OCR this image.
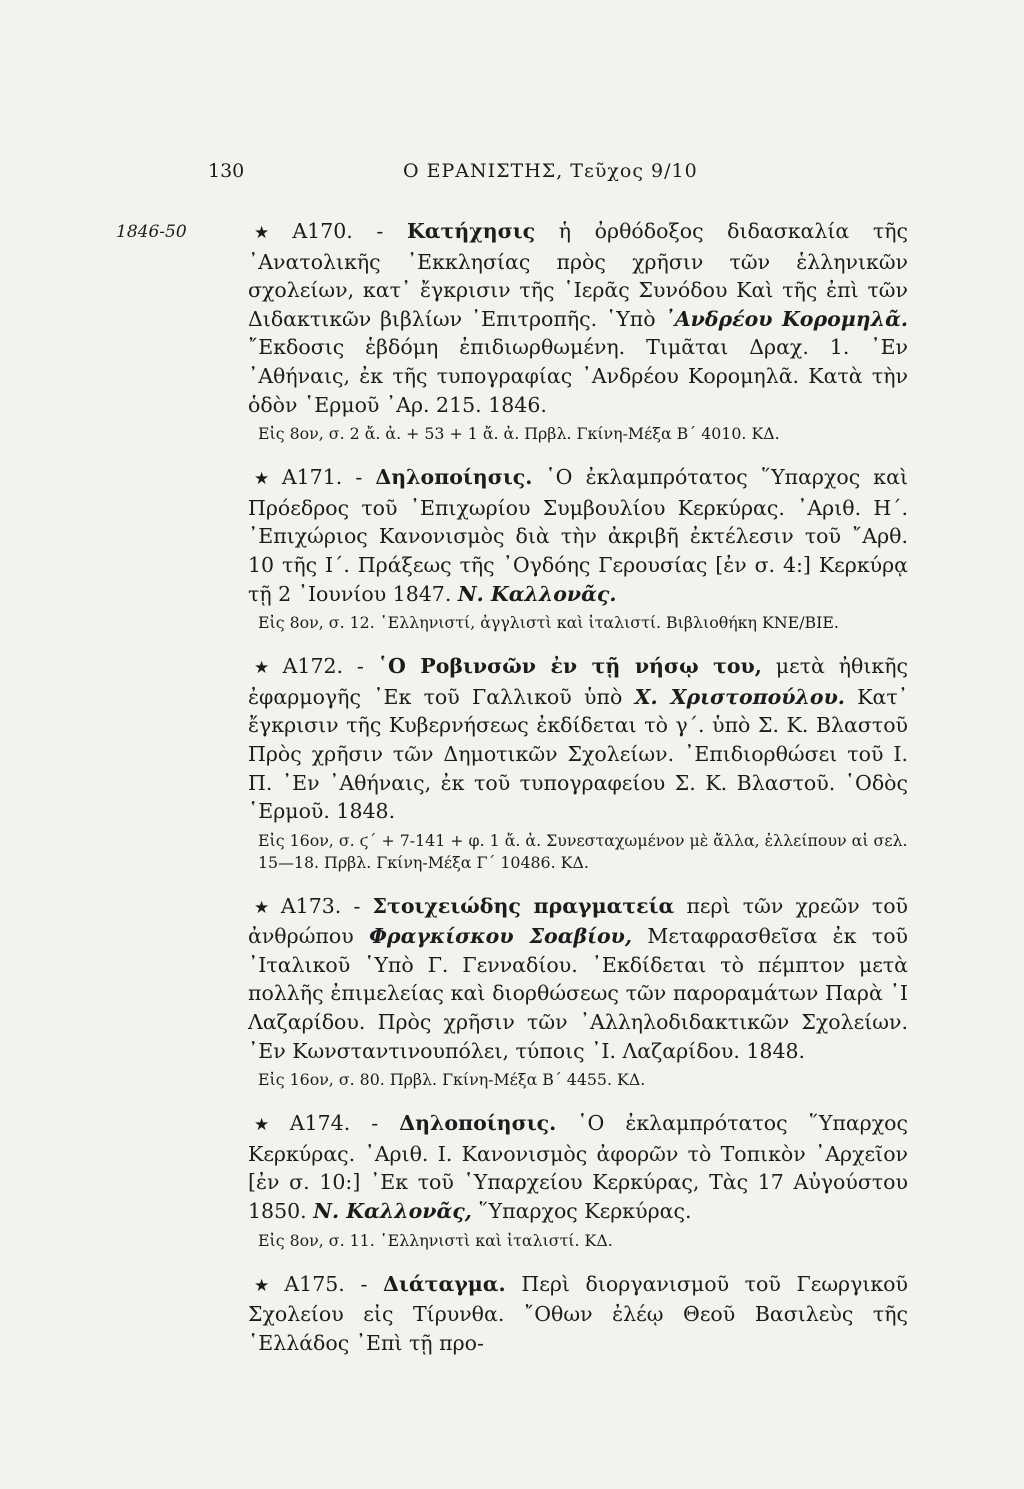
130	Ο ΕΡΑΝΙΣΤΗΣ, Τεῦχος 9/10
1846-50	★ Α170. - Κατήχησις ἡ ὀρθόδοξος διδασκαλία τῆς ᾿Ανατολικῆς ᾿Εκκλησίας πρὸς χρῆσιν τῶν ἑλληνικῶν σχολείων, κατ᾿ ἔγκρισιν τῆς ῾Ιερᾶς Συνόδου Καὶ τῆς ἐπὶ τῶν Διδακτικῶν βιβλίων ᾿Επιτροπῆς. ῾Υπὸ ᾿Ανδρέου Κορομηλᾶ. ῎Εκδοσις ἑβδόμη ἐπιδιωρθωμένη. Τιμᾶται Δραχ. 1. ᾿Εν ᾿Αθήναις, ἐκ τῆς τυπογραφίας ᾿Ανδρέου Κορομηλᾶ. Κατὰ τὴν ὁδὸν ῾Ερμοῦ ᾿Αρ. 215. 1846.

Εἰς 8ον, σ. 2 ἄ. ἀ. + 53 + 1 ἄ. ἀ. Πρβλ. Γκίνη-Μέξα Β΄ 4010. ΚΔ.

★ Α171. - Δηλοποίησις. ῾Ο ἐκλαμπρότατος ῞Υπαρχος καὶ Πρόεδρος τοῦ ᾿Επιχωρίου Συμβουλίου Κερκύρας. ᾿Αριθ. Η΄. ᾿Επιχώριος Κανονισμὸς διὰ τὴν ἀκριβῆ ἐκτέλεσιν τοῦ ῎Αρθ. 10 τῆς Ι΄. Πράξεως τῆς ᾿Ογδόης Γερουσίας [ἐν σ. 4:] Κερκύρᾳ τῇ 2 ᾿Ιουνίου 1847. Ν. Καλλονᾶς.

Εἰς 8ον, σ. 12. ῾Ελληνιστί, ἀγγλιστὶ καὶ ἰταλιστί. Βιβλιοθήκη ΚΝΕ/ΒΙΕ.

★ Α172. - ῾Ο Ροβινσῶν ἐν τῇ νήσῳ του, μετὰ ἠθικῆς ἐφαρμογῆς ᾿Εκ τοῦ Γαλλικοῦ ὑπὸ Χ. Χριστοπούλου. Κατ᾿ ἔγκρισιν τῆς Κυβερνήσεως ἐκδίδεται τὸ γ΄. ὑπὸ Σ. Κ. Βλαστοῦ Πρὸς χρῆσιν τῶν Δημοτικῶν Σχολείων. ᾿Επιδιορθώσει τοῦ Ι. Π. ᾿Εν ᾿Αθήναις, ἐκ τοῦ τυπογραφείου Σ. Κ. Βλαστοῦ. ῾Οδὸς ῾Ερμοῦ. 1848.

Εἰς 16ον, σ. ϛ΄ + 7-141 + φ. 1 ἄ. ἀ. Συνεσταχωμένον μὲ ἄλλα, ἐλλείπουν αἱ σελ. 15—18. Πρβλ. Γκίνη-Μέξα Γ΄ 10486. ΚΔ.

★ Α173. - Στοιχειώδης πραγματεία περὶ τῶν χρεῶν τοῦ ἀνθρώπου Φραγκίσκου Σοαβίου, Μεταφρασθεῖσα ἐκ τοῦ ᾿Ιταλικοῦ ῾Υπὸ Γ. Γενναδίου. ᾿Εκδίδεται τὸ πέμπτον μετὰ πολλῆς ἐπιμελείας καὶ διορθώσεως τῶν παροραμάτων Παρὰ ᾿Ι Λαζαρίδου. Πρὸς χρῆσιν τῶν ᾿Αλληλοδιδακτικῶν Σχολείων. ᾿Εν Κωνσταντινουπόλει, τύποις ᾿Ι. Λαζαρίδου. 1848.

Εἰς 16ον, σ. 80. Πρβλ. Γκίνη-Μέξα Β΄ 4455. ΚΔ.

★ Α174. - Δηλοποίησις. ῾Ο ἐκλαμπρότατος ῞Υπαρχος Κερκύρας. ᾿Αριθ. Ι. Κανονισμὸς ἀφορῶν τὸ Τοπικὸν ᾿Αρχεῖον [ἐν σ. 10:] ᾿Εκ τοῦ ῾Υπαρχείου Κερκύρας, Τὰς 17 Αὐγούστου 1850. Ν. Καλλονᾶς, ῞Υπαρχος Κερκύρας.

Εἰς 8ον, σ. 11. ῾Ελληνιστὶ καὶ ἰταλιστί. ΚΔ.

★ Α175. - Διάταγμα. Περὶ διοργανισμοῦ τοῦ Γεωργικοῦ Σχολείου εἰς Τίρυνθα. ῎Οθων ἐλέῳ Θεοῦ Βασιλεὺς τῆς ῾Ελλάδος ᾿Επὶ τῇ προ-
